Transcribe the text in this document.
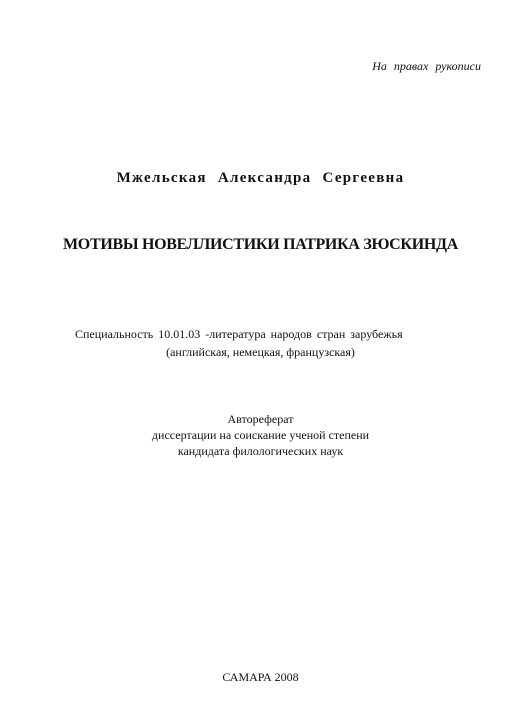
На правах рукописи
Мжельская Александра Сергеевна
МОТИВЫ НОВЕЛЛИСТИКИ ПАТРИКА ЗЮСКИНДА
Специальность 10.01.03 -литература народов стран зарубежья
(английская, немецкая, французская)
Автореферат
диссертации на соискание ученой степени
кандидата филологических наук
САМАРА 2008
